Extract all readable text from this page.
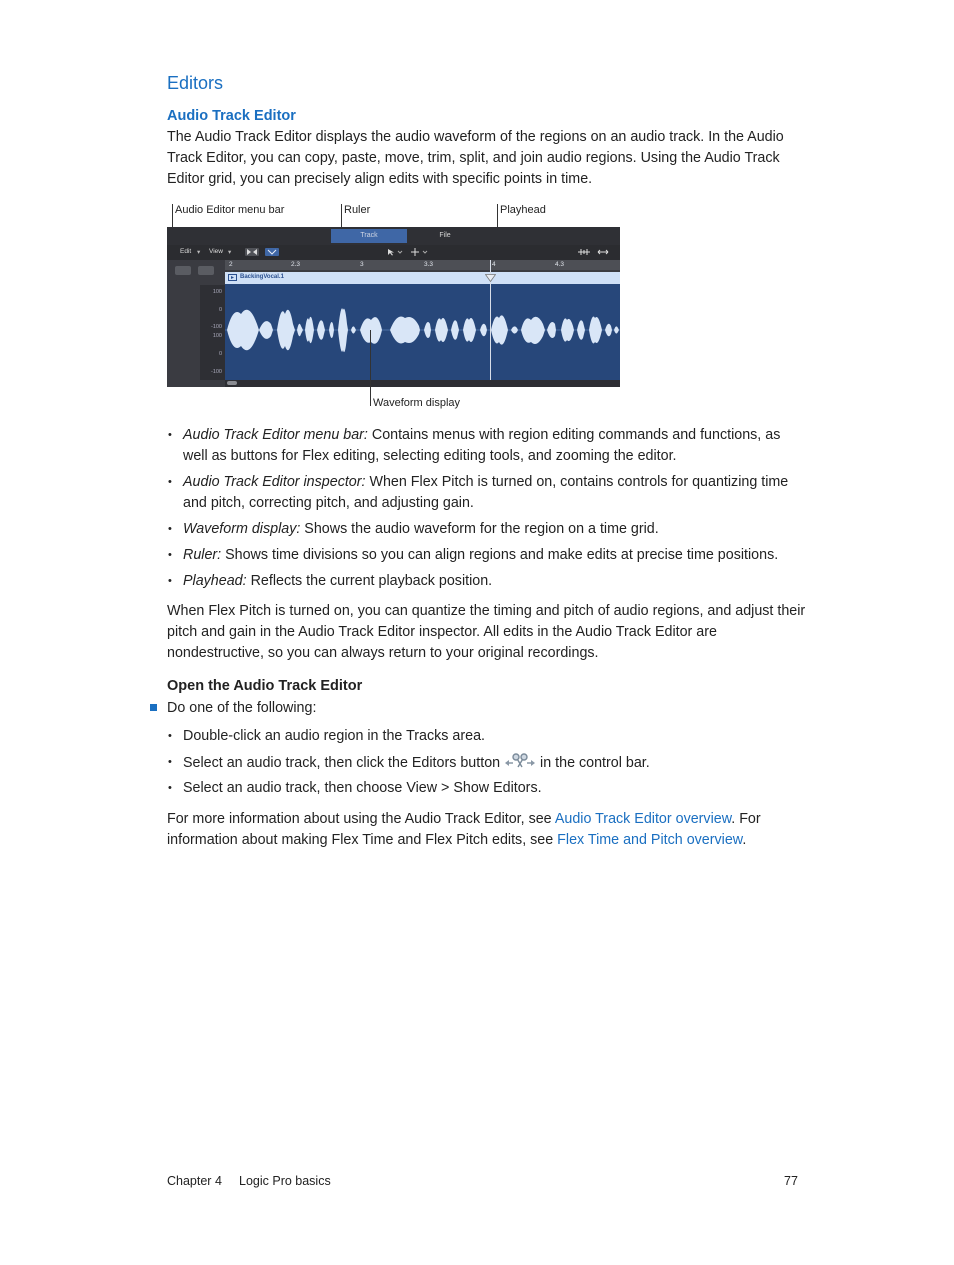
Editors
Audio Track Editor
The Audio Track Editor displays the audio waveform of the regions on an audio track. In the Audio Track Editor, you can copy, paste, move, trim, split, and join audio regions. Using the Audio Track Editor grid, you can precisely align edits with specific points in time.
Audio Editor menu bar	Ruler	Playhead
Track	File
Edit ▾ View ▾
2	2.3	3	3.3	4	4.3
100
0
-100
100
0
-100
BackingVocal.1
Waveform display
• Audio Track Editor menu bar: Contains menus with region editing commands and functions, as well as buttons for Flex editing, selecting editing tools, and zooming the editor.
• Audio Track Editor inspector: When Flex Pitch is turned on, contains controls for quantizing time and pitch, correcting pitch, and adjusting gain.
• Waveform display: Shows the audio waveform for the region on a time grid.
• Ruler: Shows time divisions so you can align regions and make edits at precise time positions.
• Playhead: Reflects the current playback position.
When Flex Pitch is turned on, you can quantize the timing and pitch of audio regions, and adjust their pitch and gain in the Audio Track Editor inspector. All edits in the Audio Track Editor are nondestructive, so you can always return to your original recordings.
Open the Audio Track Editor
Do one of the following:
• Double-click an audio region in the Tracks area.
• Select an audio track, then click the Editors button  in the control bar.
• Select an audio track, then choose View > Show Editors.
For more information about using the Audio Track Editor, see Audio Track Editor overview. For information about making Flex Time and Flex Pitch edits, see Flex Time and Pitch overview.
Chapter 4 Logic Pro basics	77
